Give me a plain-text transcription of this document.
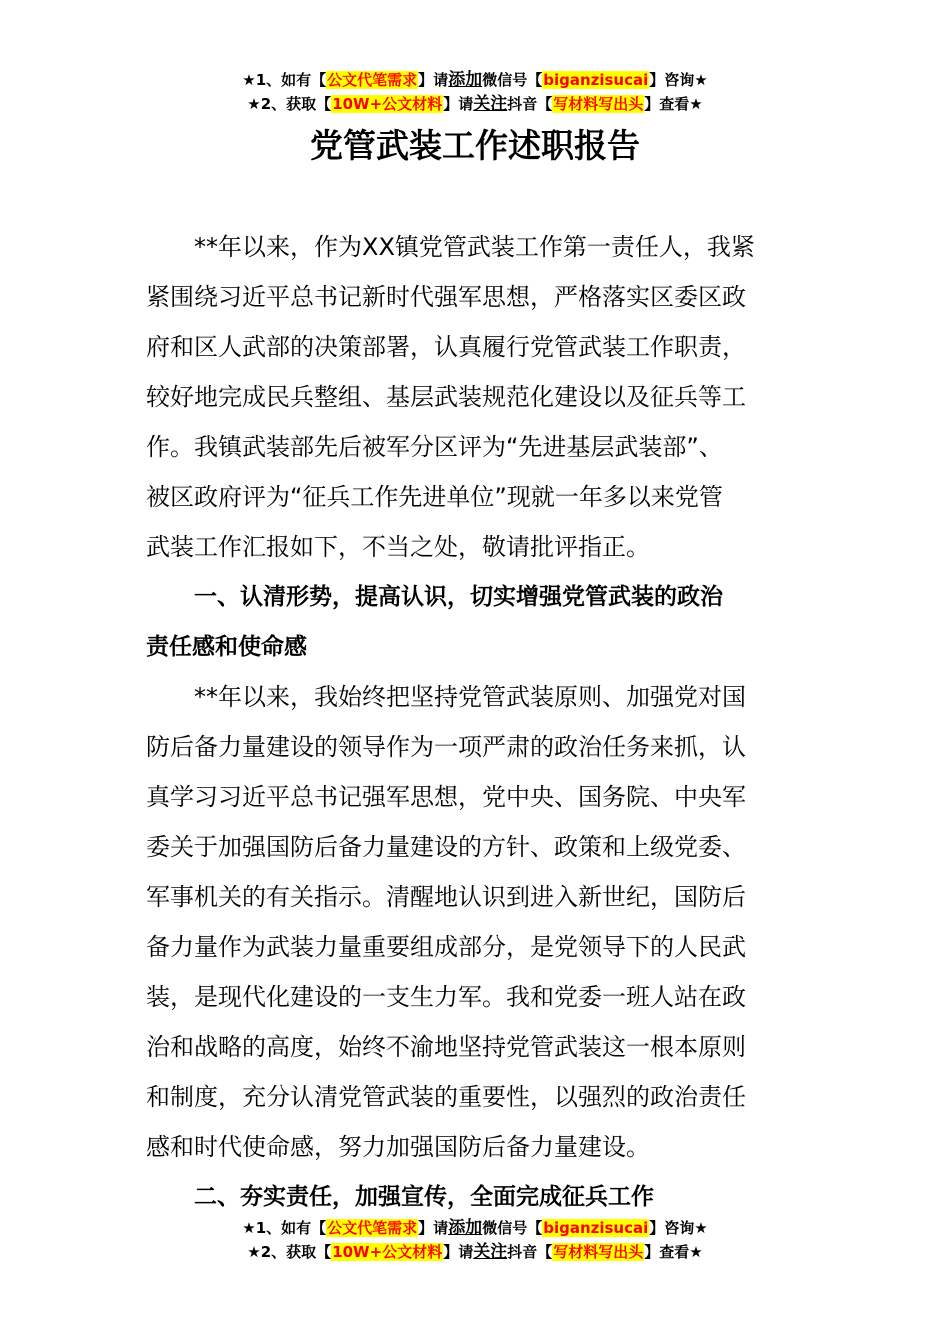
★1、如有【公文代笔需求】请添加微信号【biganzisucai】咨询★
★2、获取【10W+公文材料】请关注抖音【写材料写出头】查看★
党管武装工作述职报告

**年以来，作为XX镇党管武装工作第一责任人，我紧
紧围绕习近平总书记新时代强军思想，严格落实区委区政
府和区人武部的决策部署，认真履行党管武装工作职责，
较好地完成民兵整组、基层武装规范化建设以及征兵等工
作。我镇武装部先后被军分区评为“先进基层武装部”、
被区政府评为“征兵工作先进单位”现就一年多以来党管
武装工作汇报如下，不当之处，敬请批评指正。

一、认清形势，提高认识，切实增强党管武装的政治
责任感和使命感

**年以来，我始终把坚持党管武装原则、加强党对国
防后备力量建设的领导作为一项严肃的政治任务来抓，认
真学习习近平总书记强军思想，党中央、国务院、中央军
委关于加强国防后备力量建设的方针、政策和上级党委、
军事机关的有关指示。清醒地认识到进入新世纪，国防后
备力量作为武装力量重要组成部分，是党领导下的人民武
装，是现代化建设的一支生力军。我和党委一班人站在政
治和战略的高度，始终不渝地坚持党管武装这一根本原则
和制度，充分认清党管武装的重要性，以强烈的政治责任
感和时代使命感，努力加强国防后备力量建设。

二、夯实责任，加强宣传，全面完成征兵工作

★1、如有【公文代笔需求】请添加微信号【biganzisucai】咨询★
★2、获取【10W+公文材料】请关注抖音【写材料写出头】查看★
